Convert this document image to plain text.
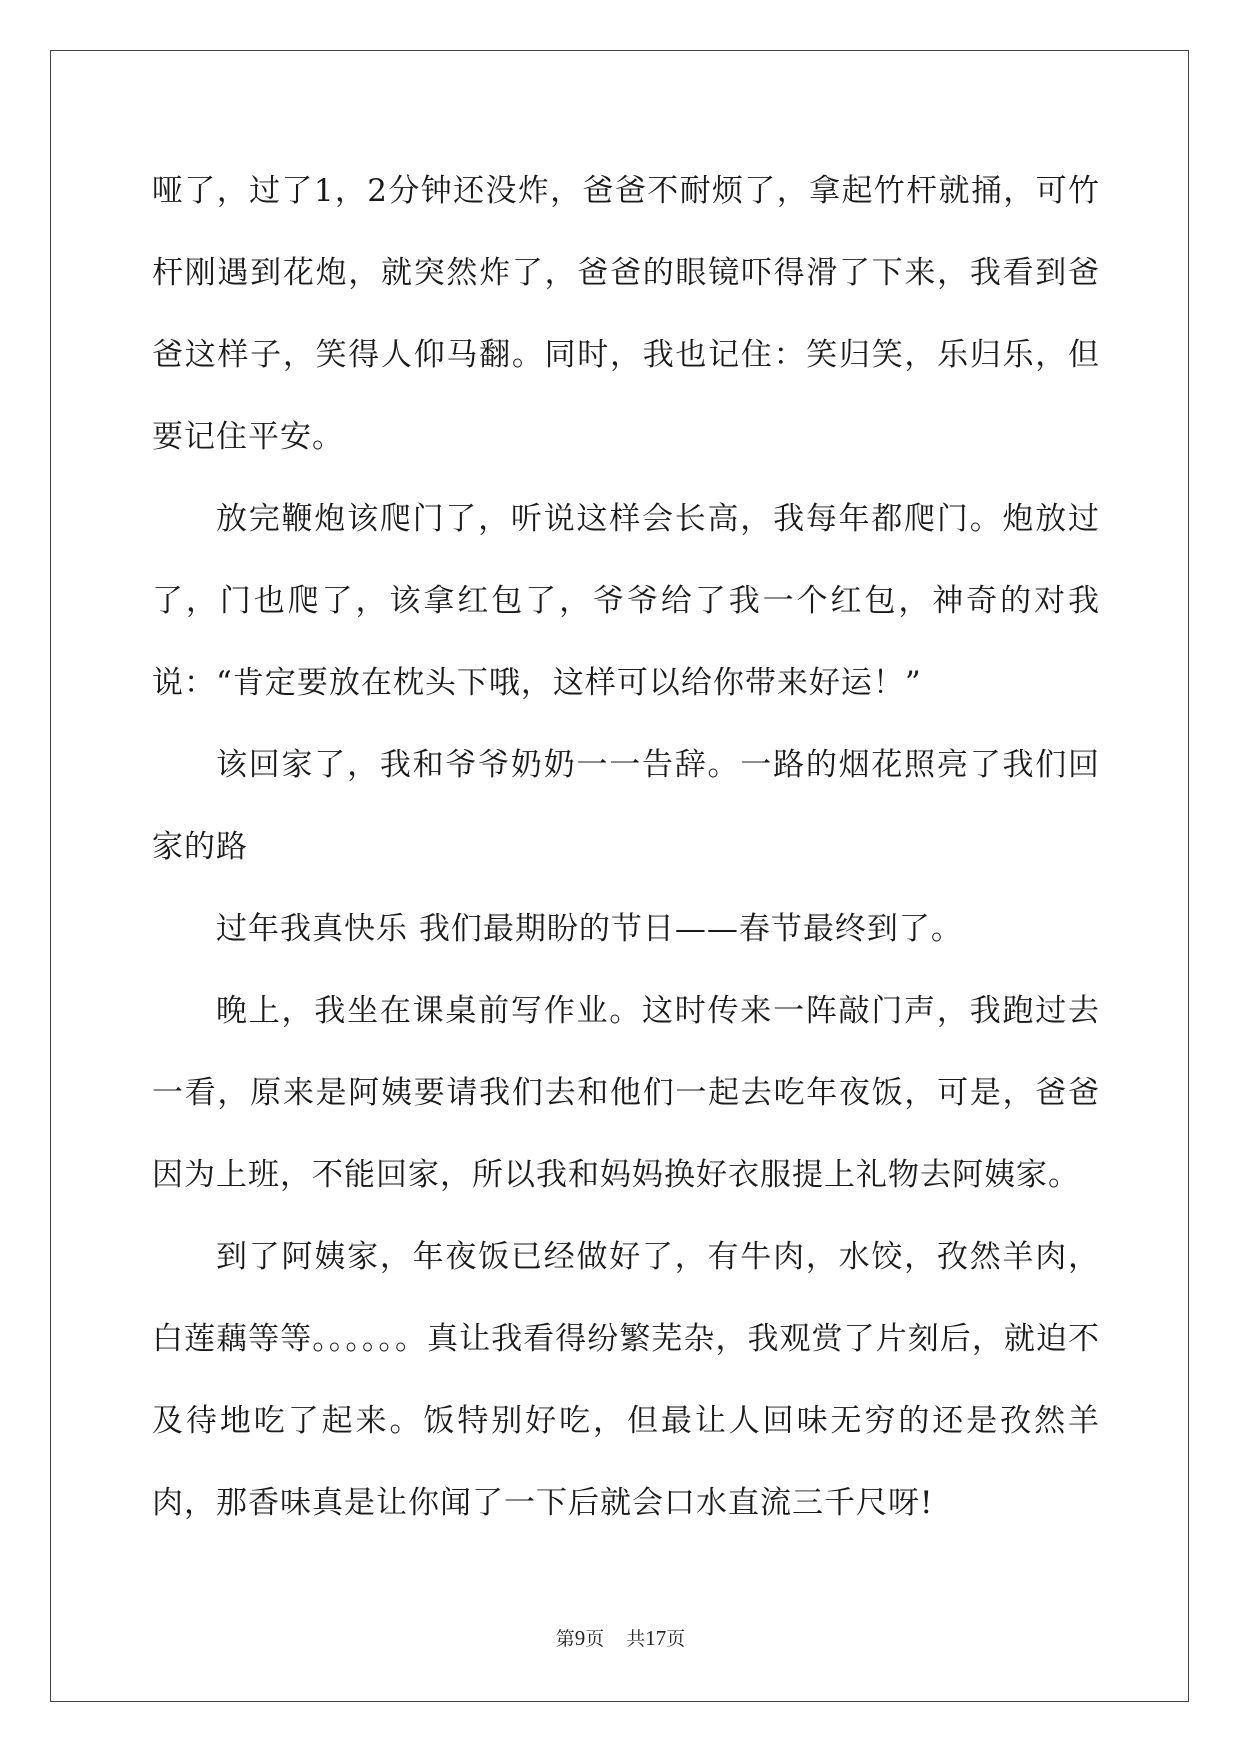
哑了，过了1，2分钟还没炸，爸爸不耐烦了，拿起竹杆就捅，可竹杆刚遇到花炮，就突然炸了，爸爸的眼镜吓得滑了下来，我看到爸爸这样子，笑得人仰马翻。同时，我也记住：笑归笑，乐归乐，但要记住平安。

放完鞭炮该爬门了，听说这样会长高，我每年都爬门。炮放过了，门也爬了，该拿红包了，爷爷给了我一个红包，神奇的对我说：“肯定要放在枕头下哦，这样可以给你带来好运！”

该回家了，我和爷爷奶奶一一告辞。一路的烟花照亮了我们回家的路

过年我真快乐 我们最期盼的节日——春节最终到了。

晚上，我坐在课桌前写作业。这时传来一阵敲门声，我跑过去一看，原来是阿姨要请我们去和他们一起去吃年夜饭，可是，爸爸因为上班，不能回家，所以我和妈妈换好衣服提上礼物去阿姨家。

到了阿姨家，年夜饭已经做好了，有牛肉，水饺，孜然羊肉，白莲藕等等。。。。。。真让我看得纷繁芜杂，我观赏了片刻后，就迫不及待地吃了起来。饭特别好吃，但最让人回味无穷的还是孜然羊肉，那香味真是让你闻了一下后就会口水直流三千尺呀!

第9页 共17页
